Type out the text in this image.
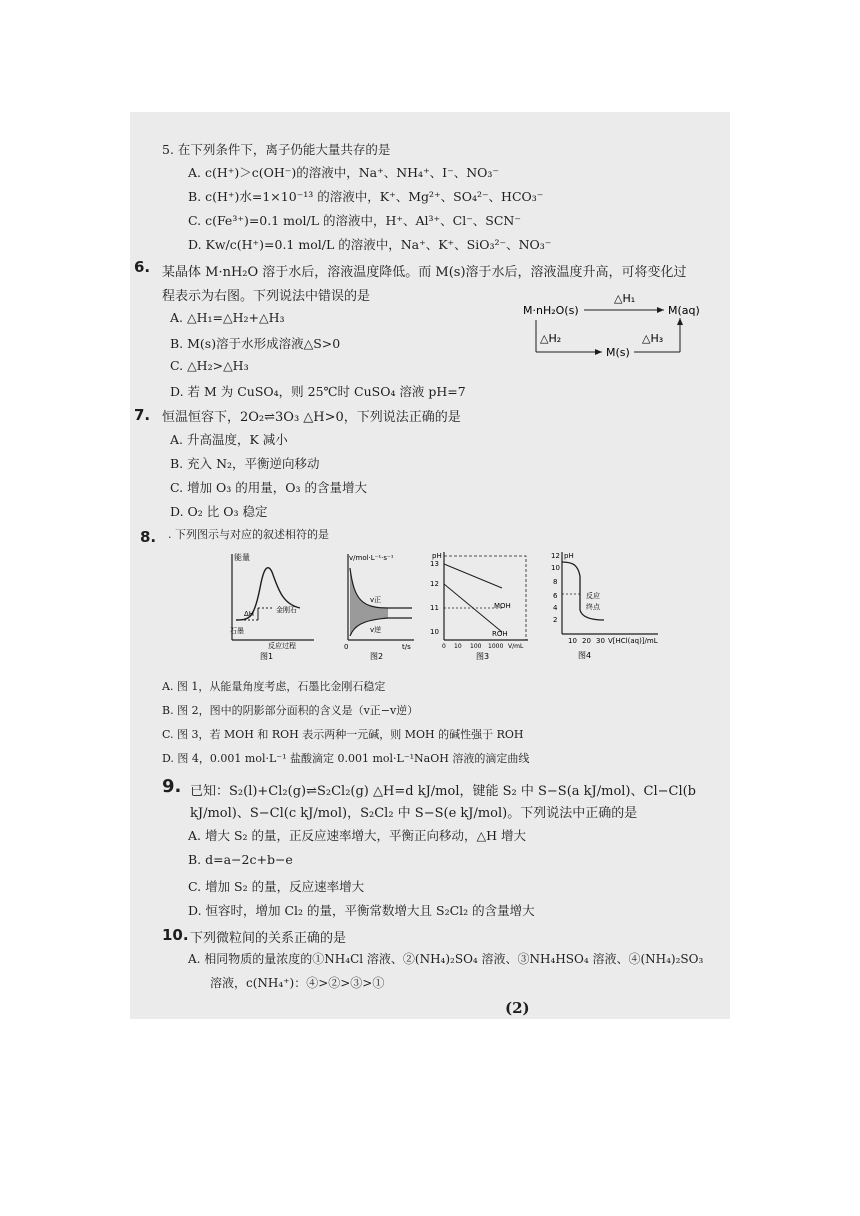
5. 在下列条件下，离子仍能大量共存的是
A. c(H⁺)＞c(OH⁻)的溶液中，Na⁺、NH₄⁺、I⁻、NO₃⁻
B. c(H⁺)水=1×10⁻¹³ 的溶液中，K⁺、Mg²⁺、SO₄²⁻、HCO₃⁻
C. c(Fe³⁺)=0.1 mol/L 的溶液中，H⁺、Al³⁺、Cl⁻、SCN⁻
D. Kw/c(H⁺)=0.1 mol/L 的溶液中，Na⁺、K⁺、SiO₃²⁻、NO₃⁻
6. 某晶体 M·nH₂O 溶于水后，溶液温度降低。而 M(s)溶于水后，溶液温度升高，可将变化过
程表示为右图。下列说法中错误的是
A. △H₁=△H₂+△H₃
B. M(s)溶于水形成溶液△S>0
C. △H₂>△H₃
D. 若 M 为 CuSO₄，则 25℃时 CuSO₄ 溶液 pH=7
M·nH₂O(s)
△H₁
M(aq)
△H₂
M(s)
△H₃
7. 恒温恒容下，2O₂⇌3O₃ △H>0，下列说法正确的是
A. 升高温度，K 减小
B. 充入 N₂，平衡逆向移动
C. 增加 O₃ 的用量，O₃ 的含量增大
D. O₂ 比 O₃ 稳定
8. . 下列图示与对应的叙述相符的是
能量
ΔH	金刚石
石墨
反应过程
图1
v/mol·L⁻¹·s⁻¹
v正
v逆
0	t/s
图2
pH
13
12
11
10
MOH
ROH
0 10 100 1000 V/mL
图3
pH
12
10
8
6
4
2
反应
终点
10 20 30 V[HCl(aq)]/mL
图4
A. 图 1，从能量角度考虑，石墨比金刚石稳定
B. 图 2，图中的阴影部分面积的含义是（v正−v逆）
C. 图 3，若 MOH 和 ROH 表示两种一元碱，则 MOH 的碱性强于 ROH
D. 图 4，0.001 mol·L⁻¹ 盐酸滴定 0.001 mol·L⁻¹NaOH 溶液的滴定曲线
9. 已知：S₂(l)+Cl₂(g)⇌S₂Cl₂(g) △H=d kJ/mol，键能 S₂ 中 S−S(a kJ/mol)、Cl−Cl(b
kJ/mol)、S−Cl(c kJ/mol)，S₂Cl₂ 中 S−S(e kJ/mol)。下列说法中正确的是
A. 增大 S₂ 的量，正反应速率增大，平衡正向移动，△H 增大
B. d=a−2c+b−e
C. 增加 S₂ 的量，反应速率增大
D. 恒容时，增加 Cl₂ 的量，平衡常数增大且 S₂Cl₂ 的含量增大
10. 下列微粒间的关系正确的是
A. 相同物质的量浓度的①NH₄Cl 溶液、②(NH₄)₂SO₄ 溶液、③NH₄HSO₄ 溶液、④(NH₄)₂SO₃
溶液，c(NH₄⁺)：④>②>③>①
(2)
